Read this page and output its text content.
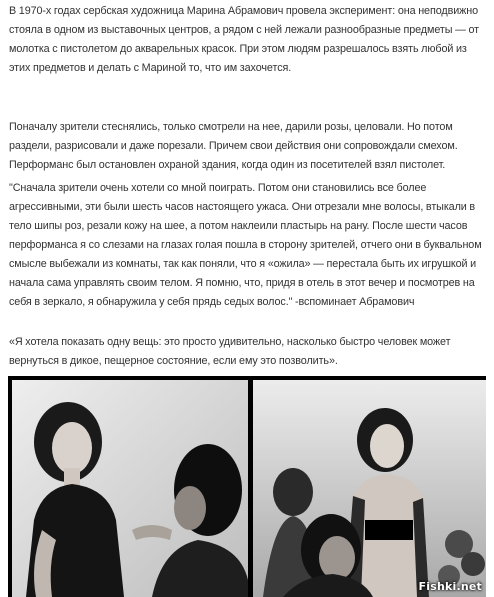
В 1970-х годах сербская художница Марина Абрамович провела эксперимент: она неподвижно стояла в одном из выставочных центров, а рядом с ней лежали разнообразные предметы — от молотка с пистолетом до акварельных красок. При этом людям разрешалось взять любой из этих предметов и делать с Мариной то, что им захочется.

Поначалу зрители стеснялись, только смотрели на нее, дарили розы, целовали. Но потом раздели, разрисовали и даже порезали. Причем свои действия они сопровождали смехом. Перформанс был остановлен охраной здания, когда один из посетителей взял пистолет.

"Сначала зрители очень хотели со мной поиграть. Потом они становились все более агрессивными, эти были шесть часов настоящего ужаса. Они отрезали мне волосы, втыкали в тело шипы роз, резали кожу на шее, а потом наклеили пластырь на рану. После шести часов перформанса я со слезами на глазах голая пошла в сторону зрителей, отчего они в буквальном смысле выбежали из комнаты, так как поняли, что я «ожила» — перестала быть их игрушкой и начала сама управлять своим телом. Я помню, что, придя в отель в этот вечер и посмотрев на себя в зеркало, я обнаружила у себя прядь седых волос." -вспоминает Абрамович

«Я хотела показать одну вещь: это просто удивительно, насколько быстро человек может вернуться в дикое, пещерное состояние, если ему это позволить».

Fishki.net
